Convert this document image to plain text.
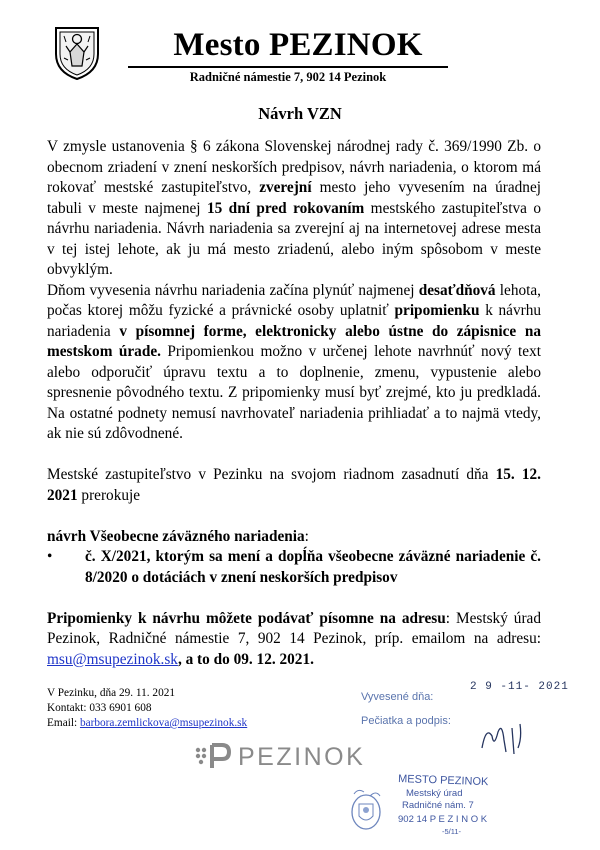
Mesto PEZINOK
Radničné námestie 7, 902 14 Pezinok
Návrh VZN

V zmysle ustanovenia § 6 zákona Slovenskej národnej rady č. 369/1990 Zb. o obecnom zriadení v znení neskorších predpisov, návrh nariadenia, o ktorom má rokovať mestské zastupiteľstvo, zverejní mesto jeho vyvesením na úradnej tabuli v meste najmenej 15 dní pred rokovaním mestského zastupiteľstva o návrhu nariadenia. Návrh nariadenia sa zverejní aj na internetovej adrese mesta v tej istej lehote, ak ju má mesto zriadenú, alebo iným spôsobom v meste obvyklým.

Dňom vyvesenia návrhu nariadenia začína plynúť najmenej desaťdňová lehota, počas ktorej môžu fyzické a právnické osoby uplatniť pripomienku k návrhu nariadenia v písomnej forme, elektronicky alebo ústne do zápisnice na mestskom úrade. Pripomienkou možno v určenej lehote navrhnúť nový text alebo odporučiť úpravu textu a to doplnenie, zmenu, vypustenie alebo spresnenie pôvodného textu. Z pripomienky musí byť zrejmé, kto ju predkladá. Na ostatné podnety nemusí navrhovateľ nariadenia prihliadať a to najmä vtedy, ak nie sú zdôvodnené.

Mestské zastupiteľstvo v Pezinku na svojom riadnom zasadnutí dňa 15. 12. 2021 prerokuje

návrh Všeobecne záväzného nariadenia:

•	č. X/2021, ktorým sa mení a dopĺňa všeobecne záväzné nariadenie č. 8/2020 o dotáciách v znení neskorších predpisov

Pripomienky k návrhu môžete podávať písomne na adresu: Mestský úrad Pezinok, Radničné námestie 7, 902 14 Pezinok, príp. emailom na adresu: msu@msupezinok.sk, a to do 09. 12. 2021.

V Pezinku, dňa 29. 11. 2021
Kontakt: 033 6901 608
Email: barbora.zemlickova@msupezinok.sk
PEZINOK
Vyvesené dňa:
2 9 -11- 2021
Pečiatka a podpis:
MESTO PEZINOK
Mestský úrad
Radničné nám. 7
902 14 P E Z I N O K
-5/11-
